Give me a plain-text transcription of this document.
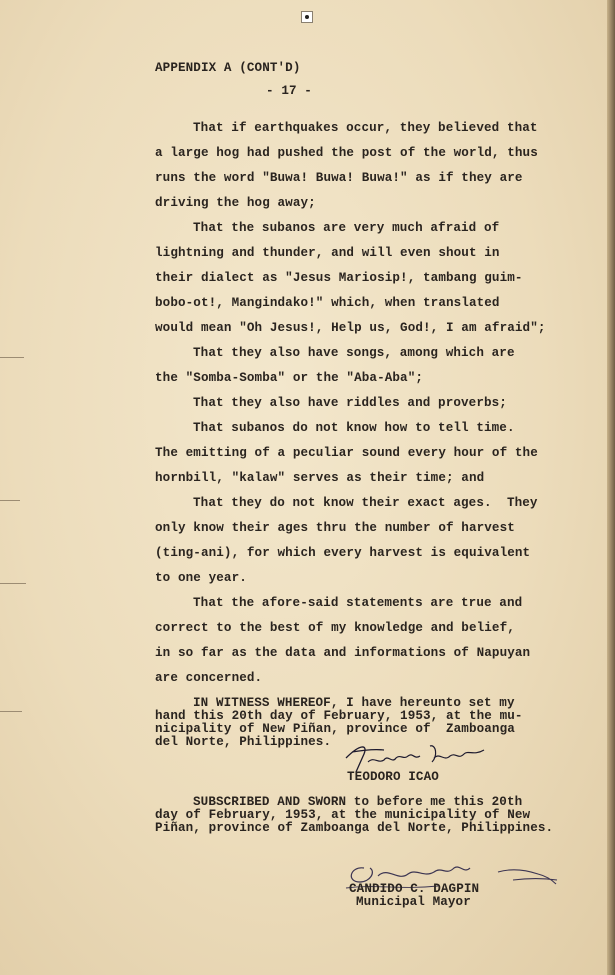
APPENDIX A (CONT'D)
- 17 -
That if earthquakes occur, they believed that
a large hog had pushed the post of the world, thus
runs the word "Buwa! Buwa! Buwa!" as if they are
driving the hog away;
That the subanos are very much afraid of
lightning and thunder, and will even shout in
their dialect as "Jesus Mariosip!, tambang guim-
bobo-ot!, Mangindako!" which, when translated
would mean "Oh Jesus!, Help us, God!, I am afraid";
That they also have songs, among which are
the "Somba-Somba" or the "Aba-Aba";
That they also have riddles and proverbs;
That subanos do not know how to tell time.
The emitting of a peculiar sound every hour of the
hornbill, "kalaw" serves as their time; and
That they do not know their exact ages.  They
only know their ages thru the number of harvest
(ting-ani), for which every harvest is equivalent
to one year.
That the afore-said statements are true and
correct to the best of my knowledge and belief,
in so far as the data and informations of Napuyan
are concerned.
IN WITNESS WHEREOF, I have hereunto set my
hand this 20th day of February, 1953, at the mu-
nicipality of New Piñan, province of  Zamboanga
del Norte, Philippines.
TEODORO ICAO
SUBSCRIBED AND SWORN to before me this 20th
day of February, 1953, at the municipality of New
Piñan, province of Zamboanga del Norte, Philippines.
CANDIDO C. DAGPIN
Municipal Mayor
